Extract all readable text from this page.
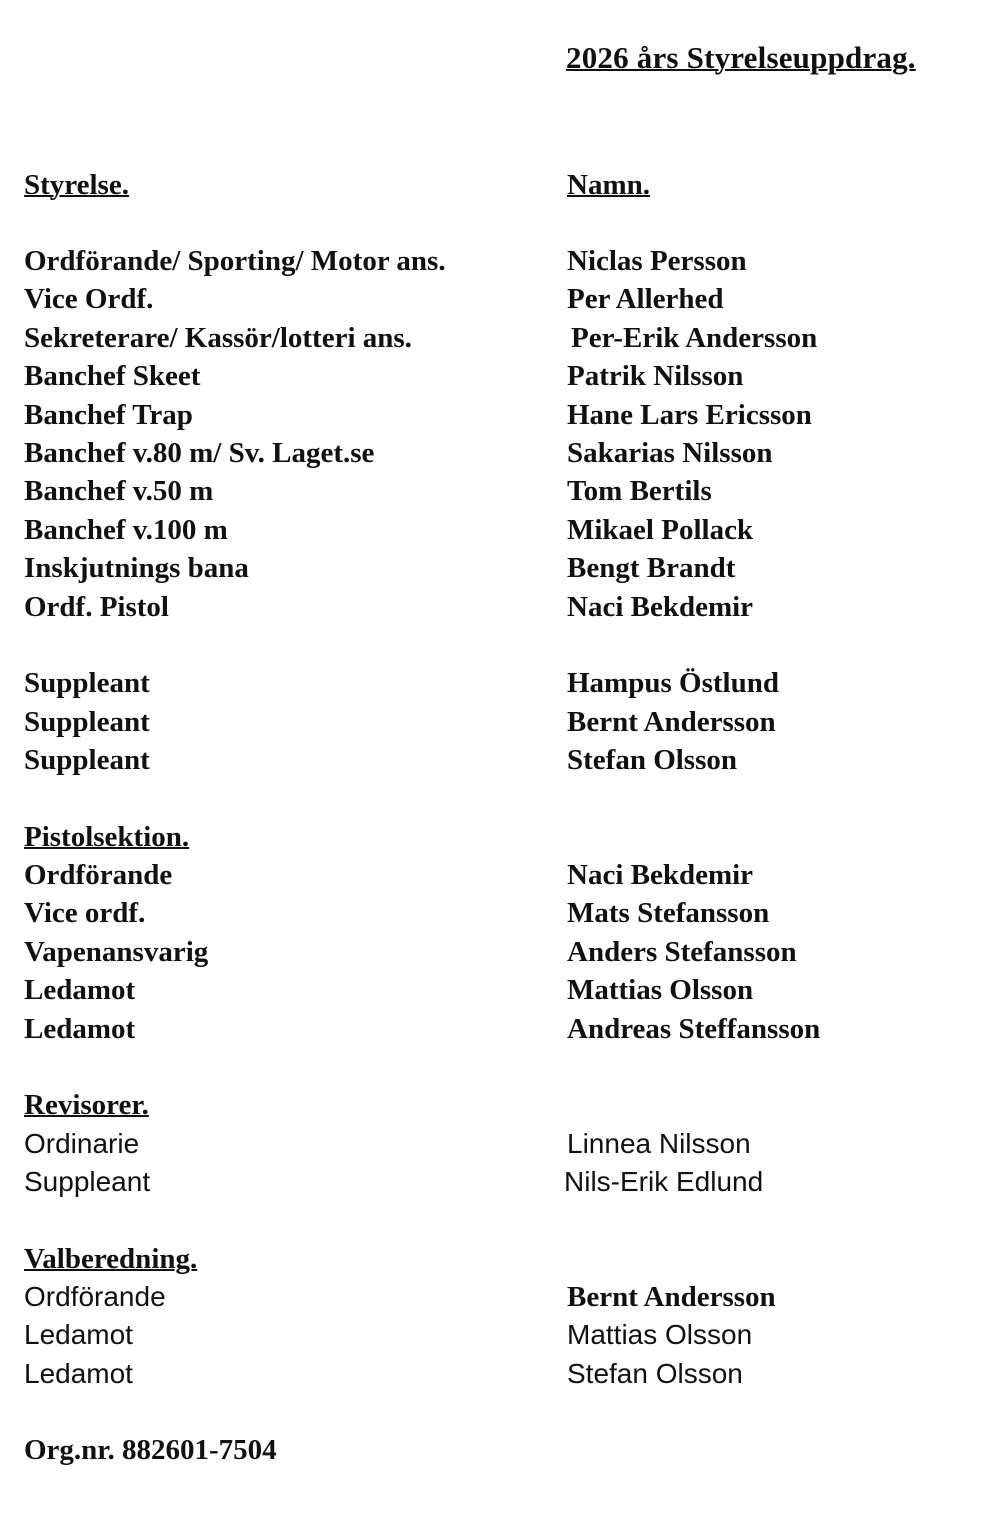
2026 års Styrelseuppdrag.
Styrelse.	Namn.
Ordförande/ Sporting/ Motor ans.	Niclas Persson
Vice Ordf.	Per Allerhed
Sekreterare/ Kassör/lotteri ans.	Per-Erik Andersson
Banchef Skeet	Patrik Nilsson
Banchef Trap	Hane Lars Ericsson
Banchef v.80 m/ Sv. Laget.se	Sakarias Nilsson
Banchef v.50 m	Tom Bertils
Banchef v.100 m	Mikael Pollack
Inskjutnings bana	Bengt Brandt
Ordf. Pistol	Naci Bekdemir
Suppleant	Hampus Östlund
Suppleant	Bernt Andersson
Suppleant	Stefan Olsson
Pistolsektion.
Ordförande	Naci Bekdemir
Vice ordf.	Mats Stefansson
Vapenansvarig	Anders Stefansson
Ledamot	Mattias Olsson
Ledamot	Andreas Steffansson
Revisorer.
Ordinarie	Linnea Nilsson
Suppleant	Nils-Erik Edlund
Valberedning.
Ordförande	Bernt Andersson
Ledamot	Mattias Olsson
Ledamot	Stefan Olsson
Org.nr. 882601-7504
